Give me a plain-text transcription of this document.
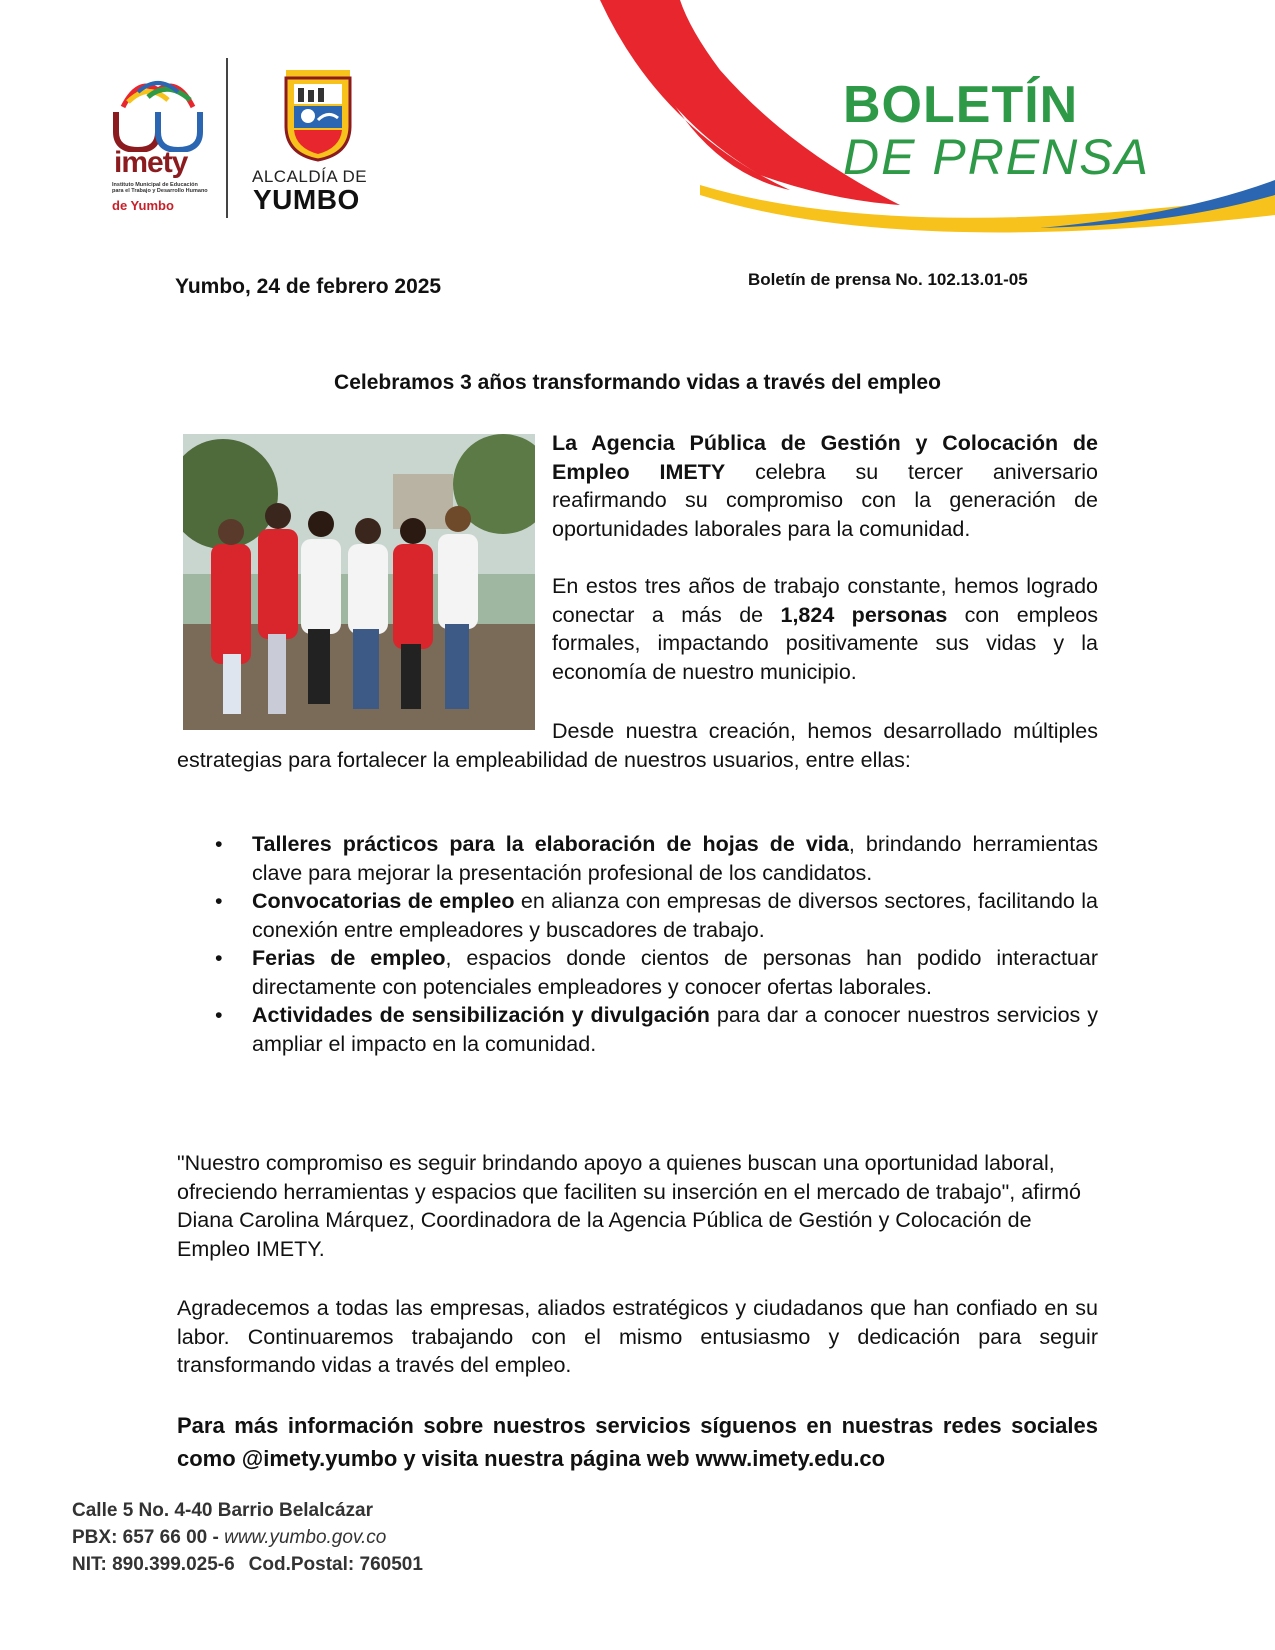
imety
Instituto Municipal de Educación para el Trabajo y Desarrollo Humano
de Yumbo
ALCALDÍA DE
YUMBO
BOLETÍN
DE PRENSA
Yumbo, 24 de febrero 2025	Boletín de prensa No. 102.13.01-05
Celebramos 3 años transformando vidas a través del empleo
La Agencia Pública de Gestión y Colocación de Empleo IMETY celebra su tercer aniversario reafirmando su compromiso con la generación de oportunidades laborales para la comunidad.
En estos tres años de trabajo constante, hemos logrado conectar a más de 1,824 personas con empleos formales, impactando positivamente sus vidas y la economía de nuestro municipio.
Desde nuestra creación, hemos desarrollado múltiples estrategias para fortalecer la empleabilidad de nuestros usuarios, entre ellas:
• Talleres prácticos para la elaboración de hojas de vida, brindando herramientas clave para mejorar la presentación profesional de los candidatos.
• Convocatorias de empleo en alianza con empresas de diversos sectores, facilitando la conexión entre empleadores y buscadores de trabajo.
• Ferias de empleo, espacios donde cientos de personas han podido interactuar directamente con potenciales empleadores y conocer ofertas laborales.
• Actividades de sensibilización y divulgación para dar a conocer nuestros servicios y ampliar el impacto en la comunidad.
"Nuestro compromiso es seguir brindando apoyo a quienes buscan una oportunidad laboral, ofreciendo herramientas y espacios que faciliten su inserción en el mercado de trabajo", afirmó Diana Carolina Márquez, Coordinadora de la Agencia Pública de Gestión y Colocación de Empleo IMETY.
Agradecemos a todas las empresas, aliados estratégicos y ciudadanos que han confiado en su labor. Continuaremos trabajando con el mismo entusiasmo y dedicación para seguir transformando vidas a través del empleo.
Para más información sobre nuestros servicios síguenos en nuestras redes sociales como @imety.yumbo y visita nuestra página web www.imety.edu.co
Calle 5 No. 4-40 Barrio Belalcázar
PBX: 657 66 00 - www.yumbo.gov.co
NIT: 890.399.025-6 Cod.Postal: 760501
